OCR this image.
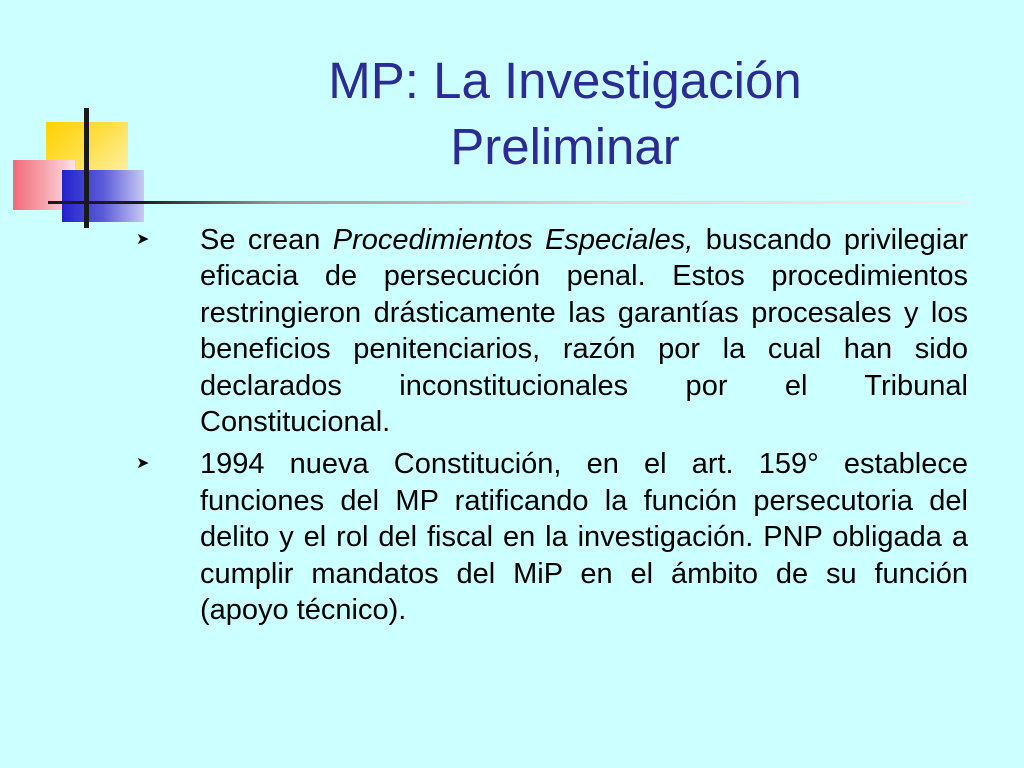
MP: La Investigación
Preliminar
➤ Se crean Procedimientos Especiales, buscando privilegiar eficacia de persecución penal. Estos procedimientos restringieron drásticamente las garantías procesales y los beneficios penitenciarios, razón por la cual han sido declarados inconstitucionales por el Tribunal Constitucional.
➤ 1994 nueva Constitución, en el art. 159° establece funciones del MP ratificando la función persecutoria del delito y el rol del fiscal en la investigación. PNP obligada a cumplir mandatos del MiP en el ámbito de su función (apoyo técnico).
